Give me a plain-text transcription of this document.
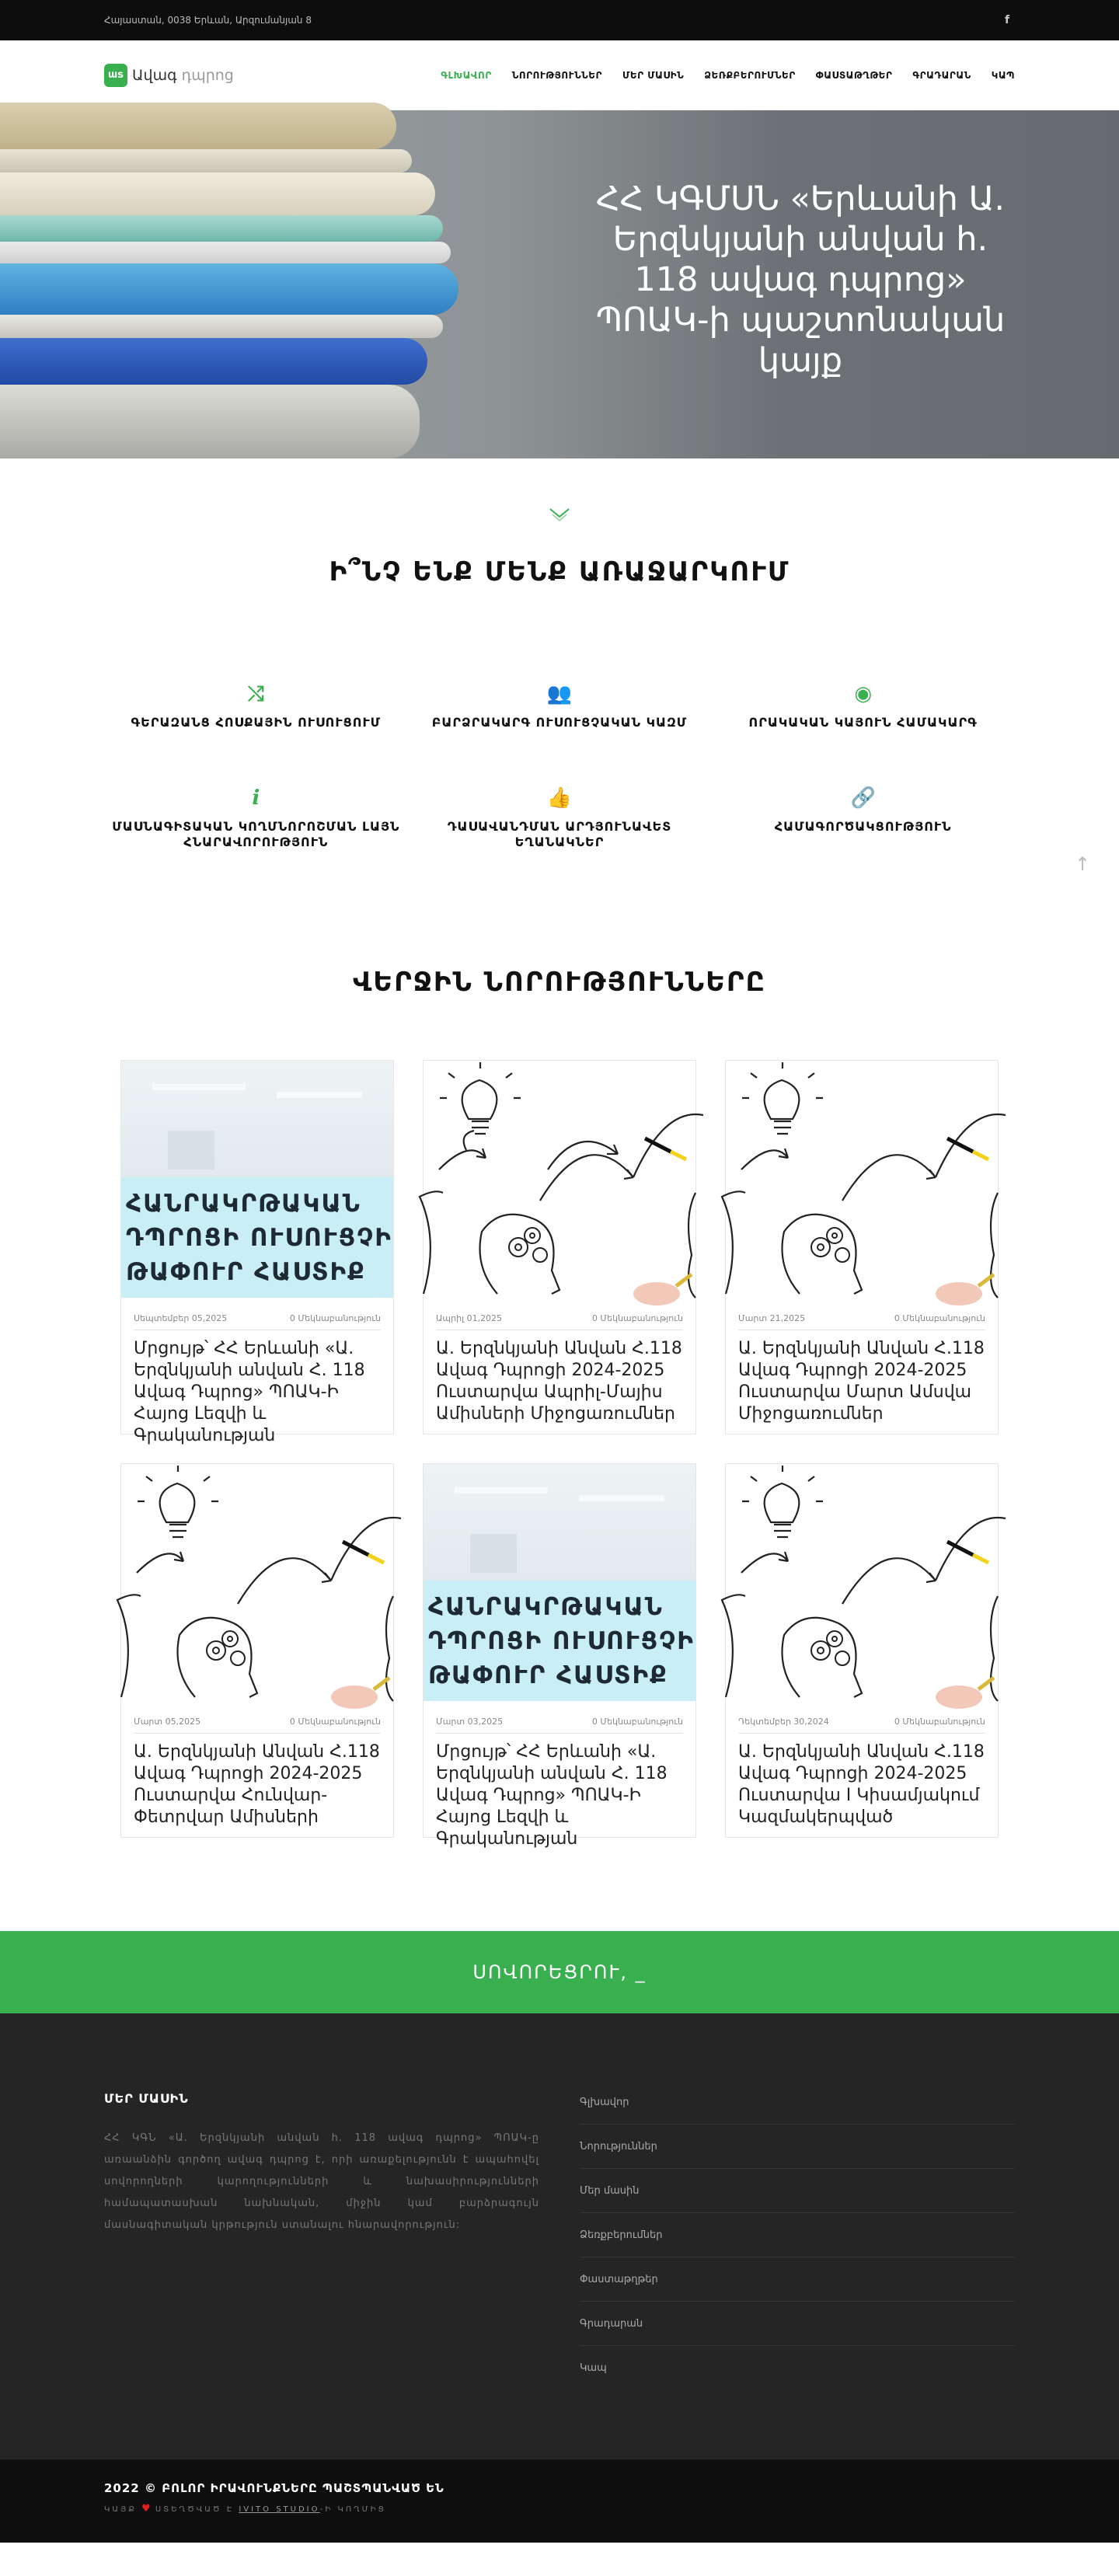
Հայաստան, 0038 Երևան, Արզումանյան 8	f
աs Ավագ դպրոց	ԳԼԽԱՎՈՐ ՆՈՐՈՒԹՅՈՒՆՆԵՐ ՄԵՐ ՄԱՍԻՆ ՁԵՌՔԲԵՐՈՒՄՆԵՐ ՓԱՍՏԱԹՂԹԵՐ ԳՐԱԴԱՐԱՆ ԿԱՊ
ՀՀ ԿԳՄՍՆ «Երևանի Ա. Երզնկյանի անվան հ. 118 ավագ դպրոց» ՊՈԱԿ-ի պաշտոնական կայք
Ի՞ՆՉ ԵՆՔ ՄԵՆՔ ԱՌԱՋԱՐԿՈՒՄ
⤭
ԳԵՐԱԶԱՆՑ ՀՈՍՔԱՅԻՆ ՈՒՍՈՒՑՈՒՄ
👥
ԲԱՐՁՐԱԿԱՐԳ ՈՒՍՈՒՑՉԱԿԱՆ ԿԱԶՄ
◉
ՈՐԱԿԱԿԱՆ ԿԱՅՈՒՆ ՀԱՄԱԿԱՐԳ
i
ՄԱՍՆԱԳԻՏԱԿԱՆ ԿՈՂՄՆՈՐՈՇՄԱՆ ԼԱՅՆ ՀՆԱՐԱՎՈՐՈՒԹՅՈՒՆ
👍
ԴԱՍԱՎԱՆԴՄԱՆ ԱՐԴՅՈՒՆԱՎԵՏ ԵՂԱՆԱԿՆԵՐ
🔗
ՀԱՄԱԳՈՐԾԱԿՑՈՒԹՅՈՒՆ
↑
ՎԵՐՋԻՆ ՆՈՐՈՒԹՅՈՒՆՆԵՐԸ
ՀԱՆՐԱԿՐԹԱԿԱՆ
ԴՊՐՈՑԻ ՈՒՍՈՒՑՉԻ
ԹԱՓՈՒՐ ՀԱՍՏԻՔ
Սեպտեմբեր 05,2025	0 Մեկնաբանություն
Մրցույթ՝ ՀՀ Երևանի «Ա. Երզնկյանի անվան Հ. 118 Ավագ Դպրոց» ՊՈԱԿ-Ի Հայոց Լեզվի և Գրականության
Ապրիլ 01,2025	0 Մեկնաբանություն
Ա. Երզնկյանի Անվան Հ.118 Ավագ Դպրոցի 2024-2025 Ուստարվա Ապրիլ-Մայիս Ամիսների Միջոցառումներ
Մարտ 21,2025	0 Մեկնաբանություն
Ա. Երզնկյանի Անվան Հ.118 Ավագ Դպրոցի 2024-2025 Ուստարվա Մարտ Ամսվա Միջոցառումներ
Մարտ 05,2025	0 Մեկնաբանություն
Ա. Երզնկյանի Անվան Հ.118 Ավագ Դպրոցի 2024-2025 Ուստարվա Հունվար-Փետրվար Ամիսների
ՀԱՆՐԱԿՐԹԱԿԱՆ
ԴՊՐՈՑԻ ՈՒՍՈՒՑՉԻ
ԹԱՓՈՒՐ ՀԱՍՏԻՔ
Մարտ 03,2025	0 Մեկնաբանություն
Մրցույթ՝ ՀՀ Երևանի «Ա. Երզնկյանի անվան Հ. 118 Ավագ Դպրոց» ՊՈԱԿ-Ի Հայոց Լեզվի և Գրականության
Դեկտեմբեր 30,2024	0 Մեկնաբանություն
Ա. Երզնկյանի Անվան Հ.118 Ավագ Դպրոցի 2024-2025 Ուստարվա I Կիսամյակում Կազմակերպված
ՍՈՎՈՐԵՑՐՈՒ, _
ՄԵՐ ՄԱՍԻՆ

ՀՀ ԿԳՆ «Ա. Երզնկյանի անվան հ. 118 ավագ դպրոց» ՊՈԱԿ-ը առաանձին գործող ավագ դպրոց է, որի առաքելությունն է ապահովել սովորողների կարողությունների և նախասիրությունների համապատասխան նախնական, միջին կամ բարձրագույն մասնագիտական կրթություն ստանալու հնարավորություն:

Գլխավոր
Նորություններ
Մեր մասին
Ձեռքբերումներ
Փաստաթղթեր
Գրադարան
Կապ
2022 © ԲՈԼՈՐ ԻՐԱՎՈՒՆՔՆԵՐԸ ՊԱՇՏՊԱՆՎԱԾ ԵՆ
ԿԱՅՔ ♥ ՍՏԵՂԾՎԱԾ Է IVITO STUDIO-Ի ԿՈՂՄԻՑ
